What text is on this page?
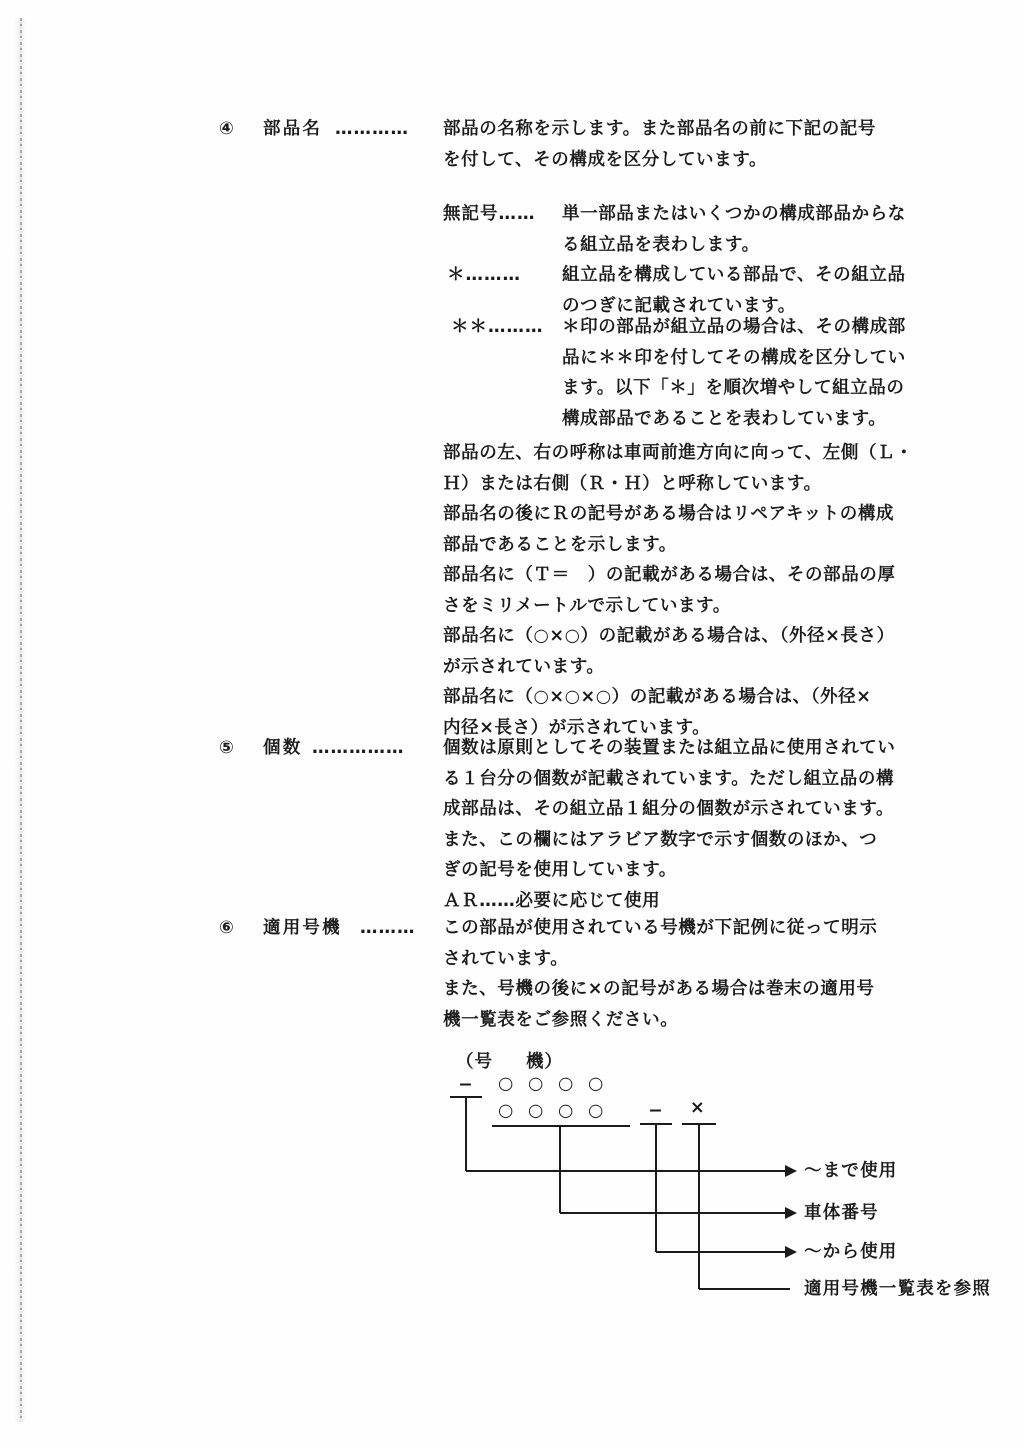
④ 部品名 ………… 部品の名称を示します。また部品名の前に下記の記号
を付して、その構成を区分しています。
無記号…… 単一部品またはいくつかの構成部品からな
る組立品を表わします。
＊……… 組立品を構成している部品で、その組立品
のつぎに記載されています。
＊＊……… ＊印の部品が組立品の場合は、その構成部
品に＊＊印を付してその構成を区分してい
ます。以下「＊」を順次増やして組立品の
構成部品であることを表わしています。
部品の左、右の呼称は車両前進方向に向って、左側（Ｌ・
Ｈ）または右側（Ｒ・Ｈ）と呼称しています。
部品名の後にＲの記号がある場合はリペアキットの構成
部品であることを示します。
部品名に（Ｔ＝　）の記載がある場合は、その部品の厚
さをミリメートルで示しています。
部品名に（○×○）の記載がある場合は、（外径×長さ）
が示されています。
部品名に（○×○×○）の記載がある場合は、（外径×
内径×長さ）が示されています。
⑤ 個数 …………… 個数は原則としてその装置または組立品に使用されてい
る１台分の個数が記載されています。ただし組立品の構
成部品は、その組立品１組分の個数が示されています。
また、この欄にはアラビア数字で示す個数のほか、つ
ぎの記号を使用しています。
ＡＲ……必要に応じて使用
⑥ 適用号機 ……… この部品が使用されている号機が下記例に従って明示
されています。
また、号機の後に×の記号がある場合は巻末の適用号
機一覧表をご参照ください。
（号 機）
− ○ ○ ○ ○
○ ○ ○ ○	− ×
～まで使用
車体番号
～から使用
適用号機一覧表を参照
